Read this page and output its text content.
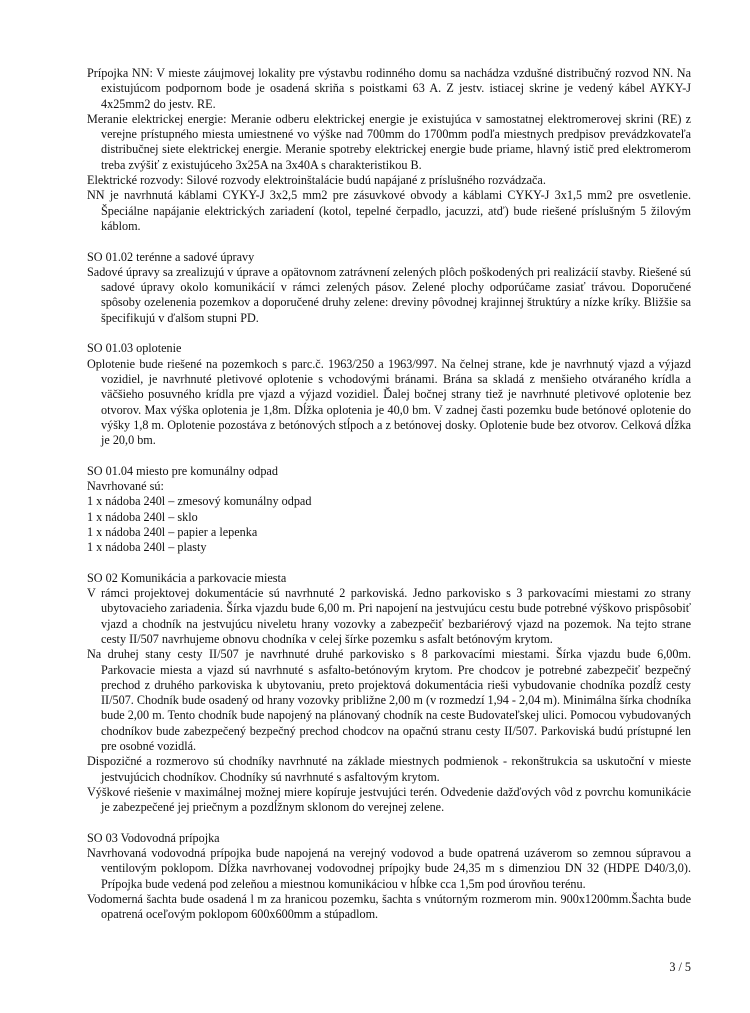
Prípojka NN: V mieste záujmovej lokality pre výstavbu rodinného domu sa nachádza vzdušné distribučný rozvod NN. Na existujúcom podpornom bode je osadená skriňa s poistkami 63 A. Z jestv. istiacej skrine je vedený kábel AYKY-J 4x25mm2 do jestv. RE.

Meranie elektrickej energie: Meranie odberu elektrickej energie je existujúca v samostatnej elektromerovej skrini (RE) z verejne prístupného miesta umiestnené vo výške nad 700mm do 1700mm podľa miestnych predpisov prevádzkovateľa distribučnej siete elektrickej energie. Meranie spotreby elektrickej energie bude priame, hlavný istič pred elektromerom treba zvýšiť z existujúceho 3x25A na 3x40A s charakteristikou B.

Elektrické rozvody: Silové rozvody elektroinštalácie budú napájané z príslušného rozvádzača.

NN je navrhnutá káblami CYKY-J 3x2,5 mm2 pre zásuvkové obvody a káblami CYKY-J 3x1,5 mm2 pre osvetlenie. Špeciálne napájanie elektrických zariadení (kotol, tepelné čerpadlo, jacuzzi, atď) bude riešené príslušným 5 žilovým káblom.

SO 01.02 terénne a sadové úpravy

Sadové úpravy sa zrealizujú v úprave a opätovnom zatrávnení zelených plôch poškodených pri realizácií stavby. Riešené sú sadové úpravy okolo komunikácií v rámci zelených pásov. Zelené plochy odporúčame zasiať trávou. Doporučené spôsoby ozelenenia pozemkov a doporučené druhy zelene: dreviny pôvodnej krajinnej štruktúry a nízke kríky. Bližšie sa špecifikujú v ďalšom stupni PD.

SO 01.03 oplotenie

Oplotenie bude riešené na pozemkoch s parc.č. 1963/250 a 1963/997. Na čelnej strane, kde je navrhnutý vjazd a výjazd vozidiel, je navrhnuté pletivové oplotenie s vchodovými bránami. Brána sa skladá z menšieho otváraného krídla a väčšieho posuvného krídla pre vjazd a výjazd vozidiel. Ďalej bočnej strany tiež je navrhnuté pletivové oplotenie bez otvorov. Max výška oplotenia je 1,8m. Dĺžka oplotenia je 40,0 bm. V zadnej časti pozemku bude betónové oplotenie do výšky 1,8 m. Oplotenie pozostáva z betónových stĺpoch a z betónovej dosky. Oplotenie bude bez otvorov. Celková dĺžka je 20,0 bm.

SO 01.04 miesto pre komunálny odpad

Navrhované sú:

1 x nádoba 240l – zmesový komunálny odpad

1 x nádoba 240l – sklo

1 x nádoba 240l – papier a lepenka

1 x nádoba 240l – plasty

SO 02 Komunikácia a parkovacie miesta

V rámci projektovej dokumentácie sú navrhnuté 2 parkoviská. Jedno parkovisko s 3 parkovacími miestami zo strany ubytovacieho zariadenia. Šírka vjazdu bude 6,00 m. Pri napojení na jestvujúcu cestu bude potrebné výškovo prispôsobiť vjazd a chodník na jestvujúcu niveletu hrany vozovky a zabezpečiť bezbariérový vjazd na pozemok. Na tejto strane cesty II/507 navrhujeme obnovu chodníka v celej šírke pozemku s asfalt betónovým krytom.

Na druhej stany cesty II/507 je navrhnuté druhé parkovisko s 8 parkovacími miestami. Šírka vjazdu bude 6,00m. Parkovacie miesta a vjazd sú navrhnuté s asfalto-betónovým krytom. Pre chodcov je potrebné zabezpečiť bezpečný prechod z druhého parkoviska k ubytovaniu, preto projektová dokumentácia rieši vybudovanie chodníka pozdĺž cesty II/507. Chodník bude osadený od hrany vozovky približne 2,00 m (v rozmedzí 1,94 - 2,04 m). Minimálna šírka chodníka bude 2,00 m. Tento chodník bude napojený na plánovaný chodník na ceste Budovateľskej ulici. Pomocou vybudovaných chodníkov bude zabezpečený bezpečný prechod chodcov na opačnú stranu cesty II/507. Parkoviská budú prístupné len pre osobné vozidlá.

Dispozičné a rozmerovo sú chodníky navrhnuté na základe miestnych podmienok - rekonštrukcia sa uskutoční v mieste jestvujúcich chodníkov. Chodníky sú navrhnuté s asfaltovým krytom.

Výškové riešenie v maximálnej možnej miere kopíruje jestvujúci terén. Odvedenie dažďových vôd z povrchu komunikácie je zabezpečené jej priečnym a pozdĺžnym sklonom do verejnej zelene.

SO 03 Vodovodná prípojka

Navrhovaná vodovodná prípojka bude napojená na verejný vodovod a bude opatrená uzáverom so zemnou súpravou a ventilovým poklopom. Dĺžka navrhovanej vodovodnej prípojky bude 24,35 m s dimenziou DN 32 (HDPE D40/3,0). Prípojka bude vedená pod zeleňou a miestnou komunikáciou v hĺbke cca 1,5m pod úrovňou terénu.

Vodomerná šachta bude osadená l m za hranicou pozemku, šachta s vnútorným rozmerom min. 900x1200mm.Šachta bude opatrená oceľovým poklopom 600x600mm a stúpadlom.

3 / 5
